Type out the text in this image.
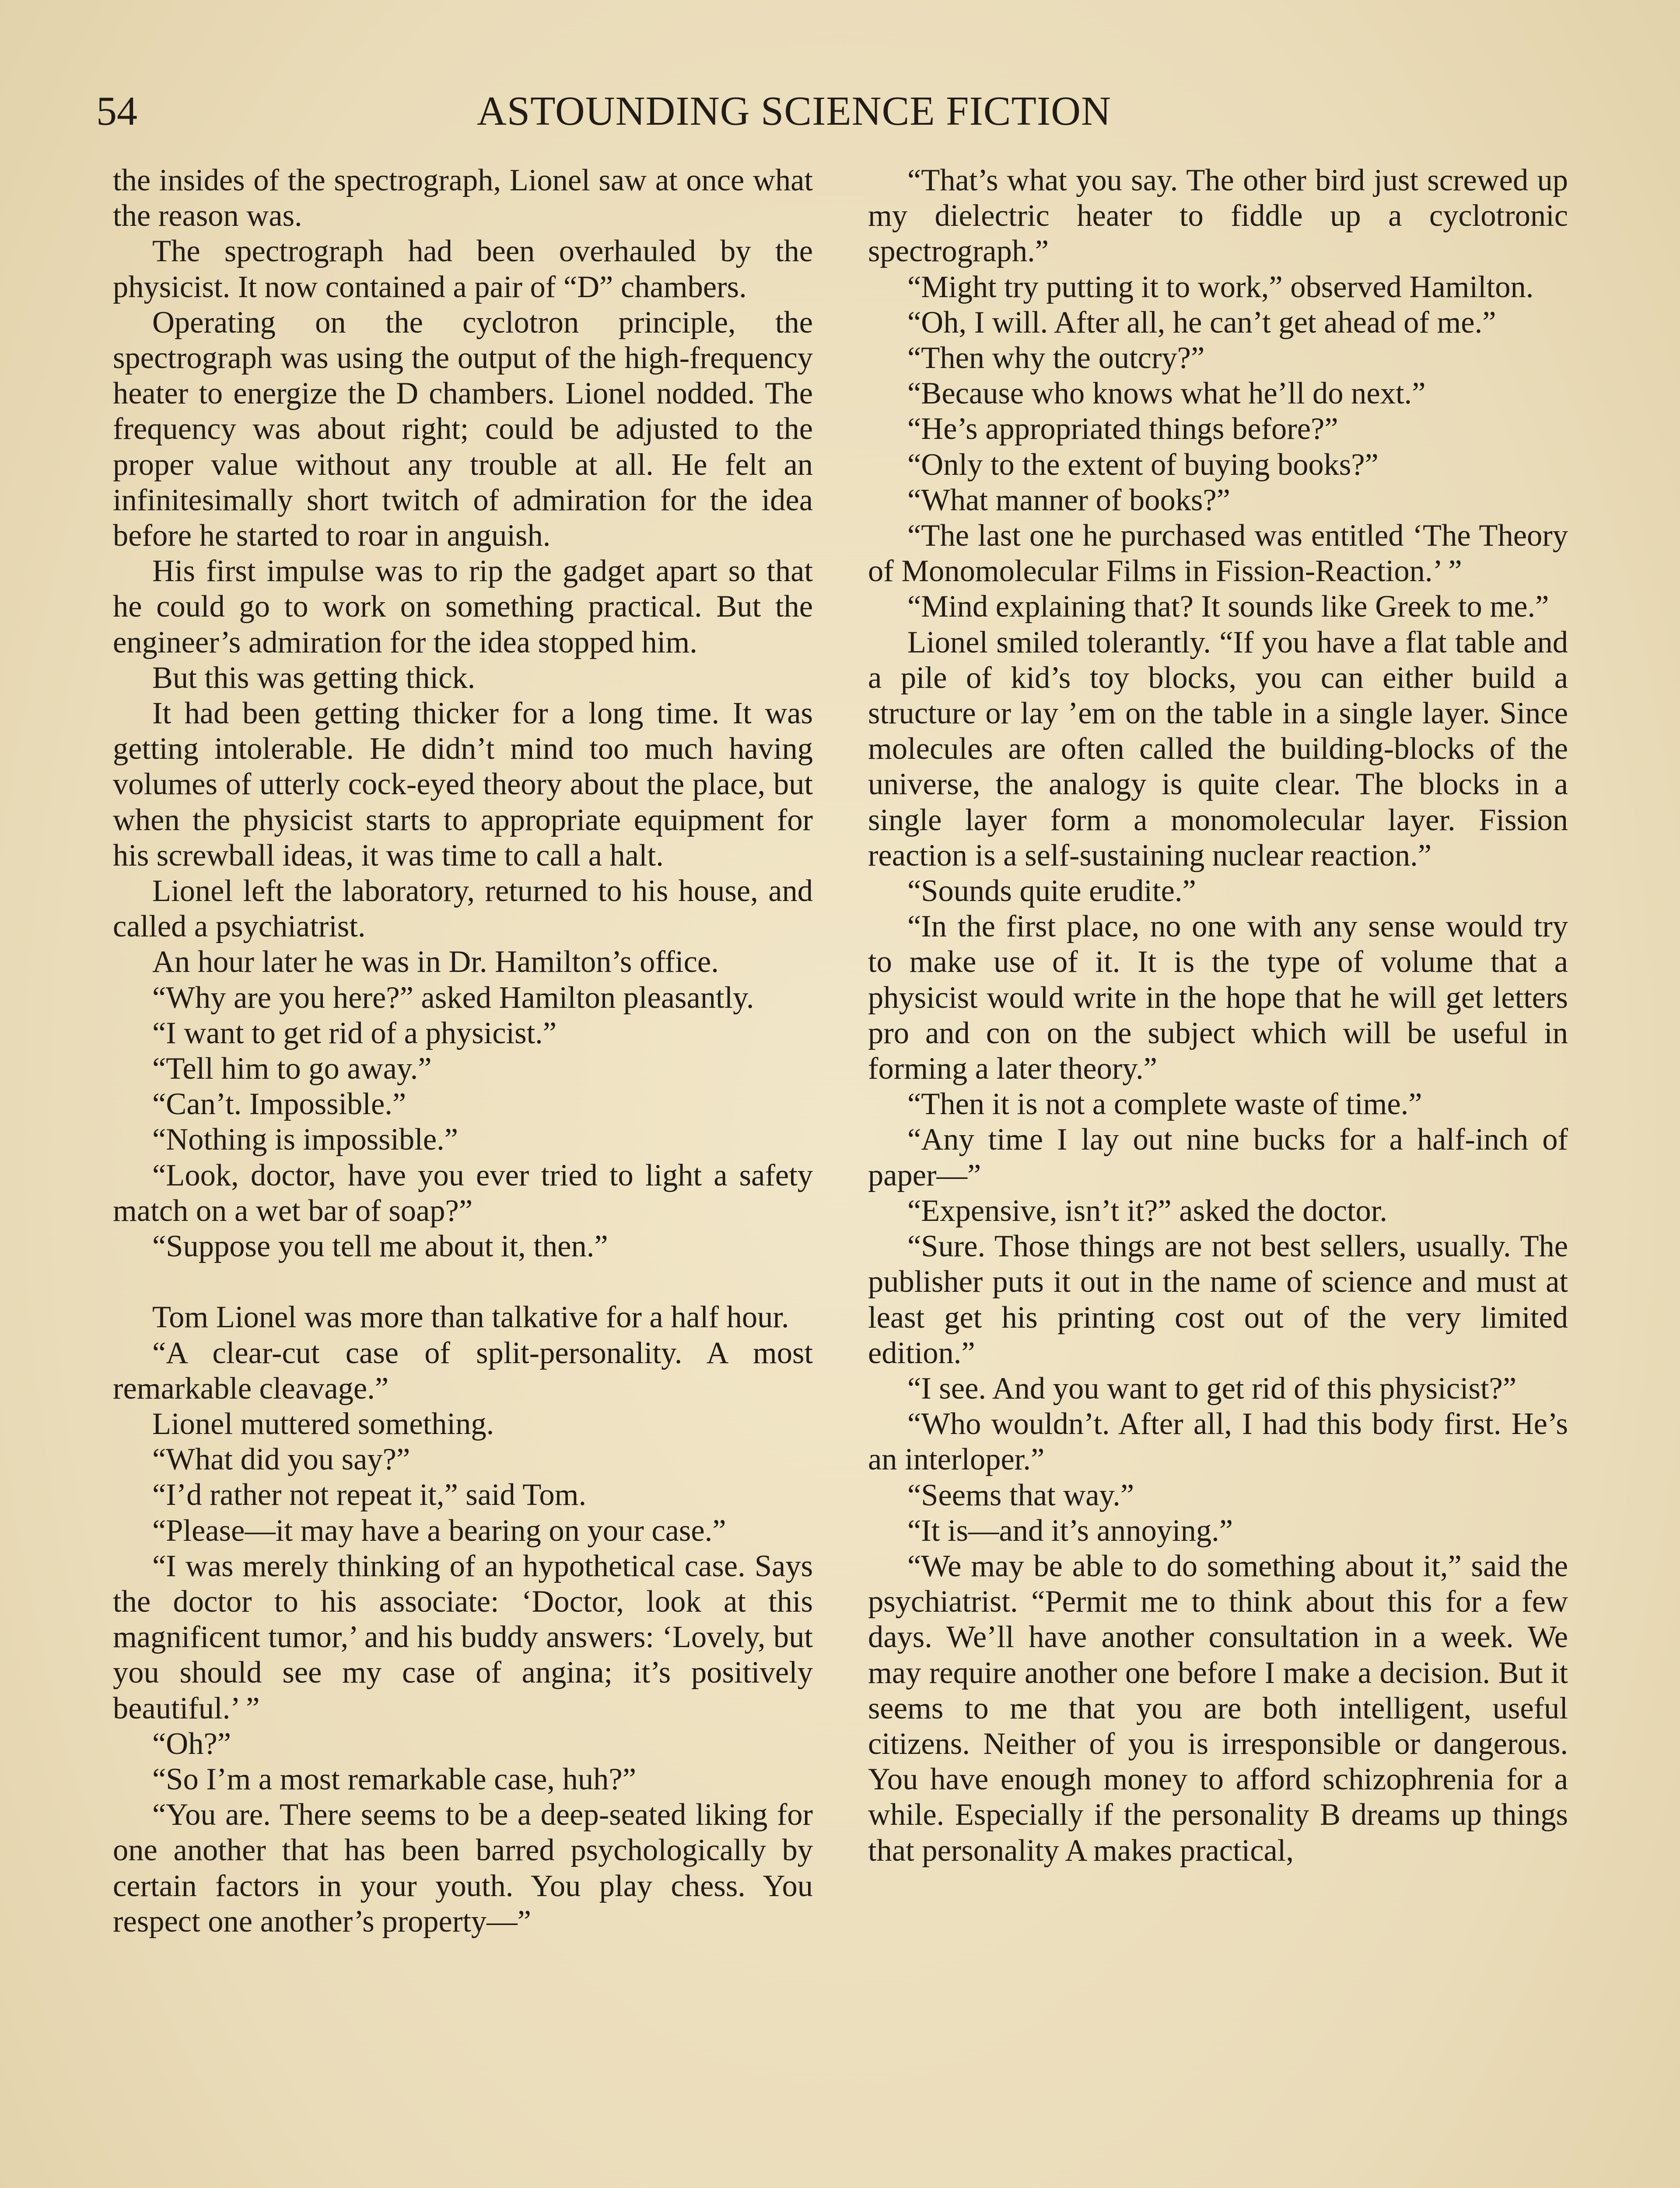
54	ASTOUNDING SCIENCE FICTION

the insides of the spectrograph, Lionel saw at once what the reason was.

The spectrograph had been overhauled by the physicist. It now contained a pair of “D” chambers.

Operating on the cyclotron principle, the spectrograph was using the output of the high-frequency heater to energize the D chambers. Lionel nodded. The frequency was about right; could be adjusted to the proper value without any trouble at all. He felt an infinitesimally short twitch of admiration for the idea before he started to roar in anguish.

His first impulse was to rip the gadget apart so that he could go to work on something practical. But the engineer’s admiration for the idea stopped him.

But this was getting thick.

It had been getting thicker for a long time. It was getting intolerable. He didn’t mind too much having volumes of utterly cock-eyed theory about the place, but when the physicist starts to appropriate equipment for his screwball ideas, it was time to call a halt.

Lionel left the laboratory, returned to his house, and called a psychiatrist.

An hour later he was in Dr. Hamilton’s office.

“Why are you here?” asked Hamilton pleasantly.

“I want to get rid of a physicist.”

“Tell him to go away.”

“Can’t. Impossible.”

“Nothing is impossible.”

“Look, doctor, have you ever tried to light a safety match on a wet bar of soap?”

“Suppose you tell me about it, then.”

Tom Lionel was more than talkative for a half hour.

“A clear-cut case of split-personality. A most remarkable cleavage.”

Lionel muttered something.

“What did you say?”

“I’d rather not repeat it,” said Tom.

“Please—it may have a bearing on your case.”

“I was merely thinking of an hypothetical case. Says the doctor to his associate: ‘Doctor, look at this magnificent tumor,’ and his buddy answers: ‘Lovely, but you should see my case of angina; it’s positively beautiful.’ ”

“Oh?”

“So I’m a most remarkable case, huh?”

“You are. There seems to be a deep-seated liking for one another that has been barred psychologically by certain factors in your youth. You play chess. You respect one another’s property—”

“That’s what you say. The other bird just screwed up my dielectric heater to fiddle up a cyclotronic spectrograph.”

“Might try putting it to work,” observed Hamilton.

“Oh, I will. After all, he can’t get ahead of me.”

“Then why the outcry?”

“Because who knows what he’ll do next.”

“He’s appropriated things before?”

“Only to the extent of buying books?”

“What manner of books?”

“The last one he purchased was entitled ‘The Theory of Monomolecular Films in Fission-Reaction.’ ”

“Mind explaining that? It sounds like Greek to me.”

Lionel smiled tolerantly. “If you have a flat table and a pile of kid’s toy blocks, you can either build a structure or lay ’em on the table in a single layer. Since molecules are often called the building-blocks of the universe, the analogy is quite clear. The blocks in a single layer form a monomolecular layer. Fission reaction is a self-sustaining nuclear reaction.”

“Sounds quite erudite.”

“In the first place, no one with any sense would try to make use of it. It is the type of volume that a physicist would write in the hope that he will get letters pro and con on the subject which will be useful in forming a later theory.”

“Then it is not a complete waste of time.”

“Any time I lay out nine bucks for a half-inch of paper—”

“Expensive, isn’t it?” asked the doctor.

“Sure. Those things are not best sellers, usually. The publisher puts it out in the name of science and must at least get his printing cost out of the very limited edition.”

“I see. And you want to get rid of this physicist?”

“Who wouldn’t. After all, I had this body first. He’s an interloper.”

“Seems that way.”

“It is—and it’s annoying.”

“We may be able to do something about it,” said the psychiatrist. “Permit me to think about this for a few days. We’ll have another consultation in a week. We may require another one before I make a decision. But it seems to me that you are both intelligent, useful citizens. Neither of you is irresponsible or dangerous. You have enough money to afford schizophrenia for a while. Especially if the personality B dreams up things that personality A makes practical,
